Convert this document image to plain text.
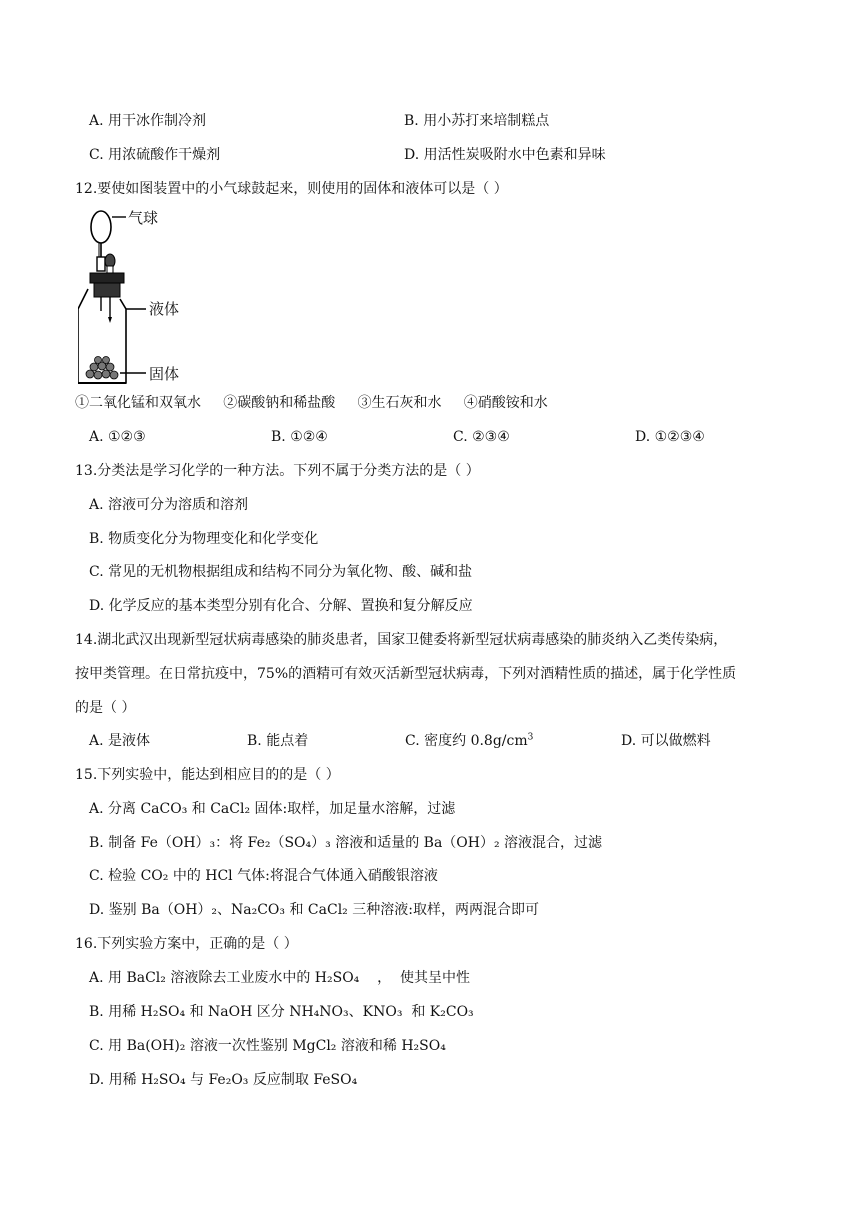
A. 用干冰作制冷剂	B. 用小苏打来培制糕点
C. 用浓硫酸作干燥剂	D. 用活性炭吸附水中色素和异味
12.要使如图装置中的小气球鼓起来，则使用的固体和液体可以是（ ）
气球
液体
固体
①二氧化锰和双氧水     ②碳酸钠和稀盐酸     ③生石灰和水     ④硝酸铵和水
A. ①②③	B. ①②④	C. ②③④	D. ①②③④
13.分类法是学习化学的一种方法。下列不属于分类方法的是（ ）
A. 溶液可分为溶质和溶剂
B. 物质变化分为物理变化和化学变化
C. 常见的无机物根据组成和结构不同分为氧化物、酸、碱和盐
D. 化学反应的基本类型分别有化合、分解、置换和复分解反应
14.湖北武汉出现新型冠状病毒感染的肺炎患者，国家卫健委将新型冠状病毒感染的肺炎纳入乙类传染病，
按甲类管理。在日常抗疫中，75%的酒精可有效灭活新型冠状病毒，下列对酒精性质的描述，属于化学性质
的是（ ）
A. 是液体	B. 能点着	C. 密度约 $0.8g/cm^3$	D. 可以做燃料
15.下列实验中，能达到相应目的的是（ ）
A. 分离 CaCO₃ 和 CaCl₂ 固体:取样，加足量水溶解，过滤
B. 制备 Fe（OH）₃：将 Fe₂（SO₄）₃ 溶液和适量的 Ba（OH）₂ 溶液混合，过滤
C. 检验 CO₂ 中的 HCl 气体:将混合气体通入硝酸银溶液
D. 鉴别 Ba（OH）₂、Na₂CO₃ 和 CaCl₂ 三种溶液:取样，两两混合即可
16.下列实验方案中，正确的是（ ）
A. 用 BaCl₂ 溶液除去工业废水中的 H₂SO₄    ，  使其呈中性
B. 用稀 H₂SO₄ 和 NaOH 区分 NH₄NO₃、KNO₃  和 K₂CO₃
C. 用 Ba(OH)₂ 溶液一次性鉴别 MgCl₂ 溶液和稀 H₂SO₄
D. 用稀 H₂SO₄ 与 Fe₂O₃ 反应制取 FeSO₄
